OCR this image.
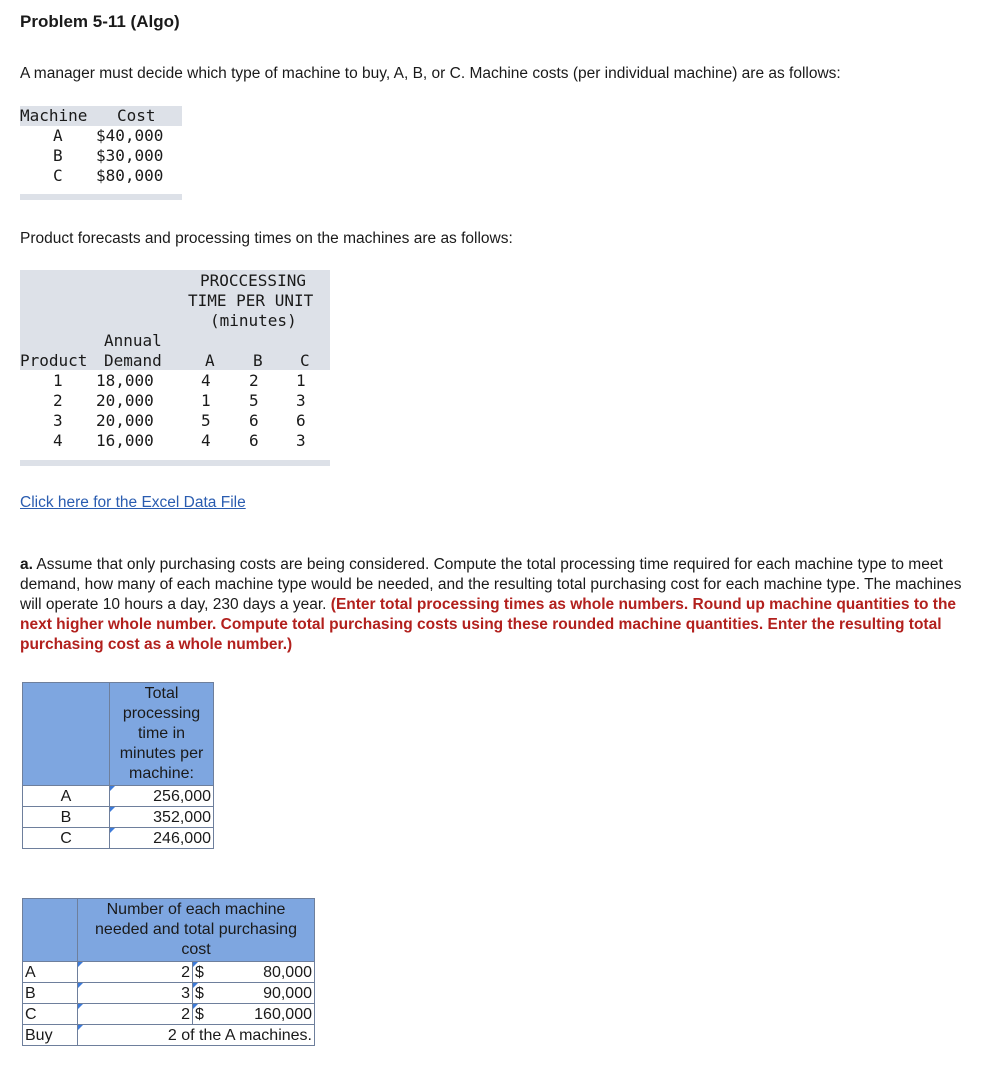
Problem 5-11 (Algo)
A manager must decide which type of machine to buy, A, B, or C. Machine costs (per individual machine) are as follows:
Machine Cost
A $40,000
B $30,000
C $80,000
Product forecasts and processing times on the machines are as follows:
PROCCESSING
TIME PER UNIT
(minutes)
Annual
Product Demand	A B C
1 18,000	4 2 1
2 20,000	1 5 3
3 20,000	5 6 6
4 16,000	4 6 3
Click here for the Excel Data File
a. Assume that only purchasing costs are being considered. Compute the total processing time required for each machine type to meet demand, how many of each machine type would be needed, and the resulting total purchasing cost for each machine type. The machines will operate 10 hours a day, 230 days a year. (Enter total processing times as whole numbers. Round up machine quantities to the next higher whole number. Compute total purchasing costs using these rounded machine quantities. Enter the resulting total purchasing cost as a whole number.)

	Total
processing
time in
minutes per
machine:

A	256,000
B	352,000
C	246,000

	Number of each machine
needed and total purchasing
cost		

A	2	$	80,000
B	3	$	90,000
C	2	$	160,000
Buy	2 of the A machines.		
